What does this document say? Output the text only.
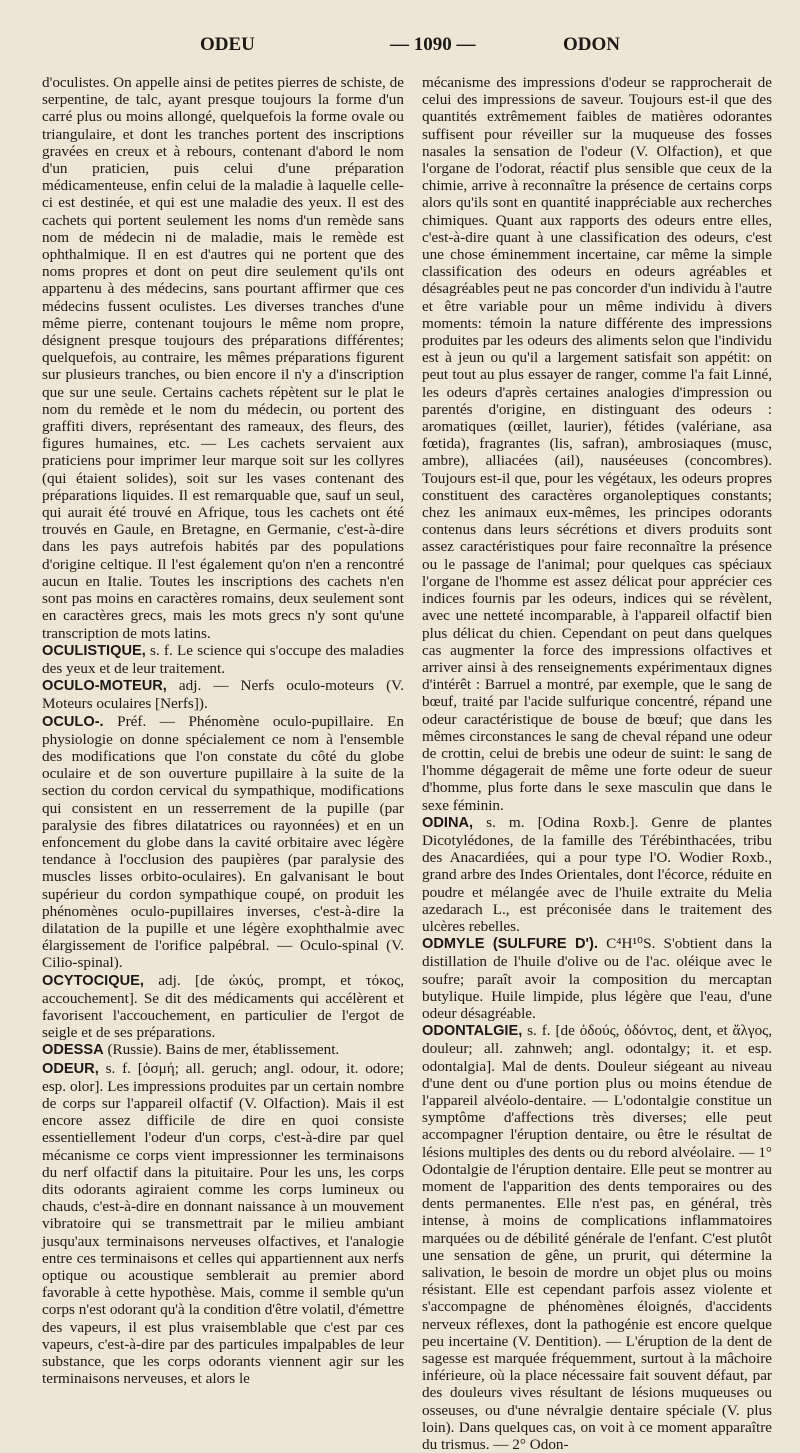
ODEU	— 1090 —	ODON

d'oculistes. On appelle ainsi de petites pierres de schiste, de serpentine, de talc, ayant presque toujours la forme d'un carré plus ou moins allongé, quelquefois la forme ovale ou triangulaire, et dont les tranches portent des inscriptions gravées en creux et à rebours, contenant d'abord le nom d'un praticien, puis celui d'une préparation médicamenteuse, enfin celui de la maladie à laquelle celle-ci est destinée, et qui est une maladie des yeux. Il est des cachets qui portent seulement les noms d'un remède sans nom de médecin ni de maladie, mais le remède est ophthalmique. Il en est d'autres qui ne portent que des noms propres et dont on peut dire seulement qu'ils ont appartenu à des médecins, sans pourtant affirmer que ces médecins fussent oculistes. Les diverses tranches d'une même pierre, contenant toujours le même nom propre, désignent presque toujours des préparations différentes; quelquefois, au contraire, les mêmes préparations figurent sur plusieurs tranches, ou bien encore il n'y a d'inscription que sur une seule. Certains cachets répètent sur le plat le nom du remède et le nom du médecin, ou portent des graffiti divers, représentant des rameaux, des fleurs, des figures humaines, etc. — Les cachets servaient aux praticiens pour imprimer leur marque soit sur les collyres (qui étaient solides), soit sur les vases contenant des préparations liquides. Il est remarquable que, sauf un seul, qui aurait été trouvé en Afrique, tous les cachets ont été trouvés en Gaule, en Bretagne, en Germanie, c'est-à-dire dans les pays autrefois habités par des populations d'origine celtique. Il l'est également qu'on n'en a rencontré aucun en Italie. Toutes les inscriptions des cachets n'en sont pas moins en caractères romains, deux seulement sont en caractères grecs, mais les mots grecs n'y sont qu'une transcription de mots latins.

OCULISTIQUE, s. f. Le science qui s'occupe des maladies des yeux et de leur traitement.

OCULO-MOTEUR, adj. — Nerfs oculo-moteurs (V. Moteurs oculaires [Nerfs]).

OCULO-. Préf. — Phénomène oculo-pupillaire. En physiologie on donne spécialement ce nom à l'ensemble des modifications que l'on constate du côté du globe oculaire et de son ouverture pupillaire à la suite de la section du cordon cervical du sympathique, modifications qui consistent en un resserrement de la pupille (par paralysie des fibres dilatatrices ou rayonnées) et en un enfoncement du globe dans la cavité orbitaire avec légère tendance à l'occlusion des paupières (par paralysie des muscles lisses orbito-oculaires). En galvanisant le bout supérieur du cordon sympathique coupé, on produit les phénomènes oculo-pupillaires inverses, c'est-à-dire la dilatation de la pupille et une légère exophthalmie avec élargissement de l'orifice palpébral. — Oculo-spinal (V. Cilio-spinal).

OCYTOCIQUE, adj. [de ὠκύς, prompt, et τόκος, accouchement]. Se dit des médicaments qui accélèrent et favorisent l'accouchement, en particulier de l'ergot de seigle et de ses préparations.

ODESSA (Russie). Bains de mer, établissement.

ODEUR, s. f. [ὀσμή; all. geruch; angl. odour, it. odore; esp. olor]. Les impressions produites par un certain nombre de corps sur l'appareil olfactif (V. Olfaction). Mais il est encore assez difficile de dire en quoi consiste essentiellement l'odeur d'un corps, c'est-à-dire par quel mécanisme ce corps vient impressionner les terminaisons du nerf olfactif dans la pituitaire. Pour les uns, les corps dits odorants agiraient comme les corps lumineux ou chauds, c'est-à-dire en donnant naissance à un mouvement vibratoire qui se transmettrait par le milieu ambiant jusqu'aux terminaisons nerveuses olfactives, et l'analogie entre ces terminaisons et celles qui appartiennent aux nerfs optique ou acoustique semblerait au premier abord favorable à cette hypothèse. Mais, comme il semble qu'un corps n'est odorant qu'à la condition d'être volatil, d'émettre des vapeurs, il est plus vraisemblable que c'est par ces vapeurs, c'est-à-dire par des particules impalpables de leur substance, que les corps odorants viennent agir sur les terminaisons nerveuses, et alors le

mécanisme des impressions d'odeur se rapprocherait de celui des impressions de saveur. Toujours est-il que des quantités extrêmement faibles de matières odorantes suffisent pour réveiller sur la muqueuse des fosses nasales la sensation de l'odeur (V. Olfaction), et que l'organe de l'odorat, réactif plus sensible que ceux de la chimie, arrive à reconnaître la présence de certains corps alors qu'ils sont en quantité inappréciable aux recherches chimiques. Quant aux rapports des odeurs entre elles, c'est-à-dire quant à une classification des odeurs, c'est une chose éminemment incertaine, car même la simple classification des odeurs en odeurs agréables et désagréables peut ne pas concorder d'un individu à l'autre et être variable pour un même individu à divers moments: témoin la nature différente des impressions produites par les odeurs des aliments selon que l'individu est à jeun ou qu'il a largement satisfait son appétit: on peut tout au plus essayer de ranger, comme l'a fait Linné, les odeurs d'après certaines analogies d'impression ou parentés d'origine, en distinguant des odeurs : aromatiques (œillet, laurier), fétides (valériane, asa fœtida), fragrantes (lis, safran), ambrosiaques (musc, ambre), alliacées (ail), nauséeuses (concombres). Toujours est-il que, pour les végétaux, les odeurs propres constituent des caractères organoleptiques constants; chez les animaux eux-mêmes, les principes odorants contenus dans leurs sécrétions et divers produits sont assez caractéristiques pour faire reconnaître la présence ou le passage de l'animal; pour quelques cas spéciaux l'organe de l'homme est assez délicat pour apprécier ces indices fournis par les odeurs, indices qui se révèlent, avec une netteté incomparable, à l'appareil olfactif bien plus délicat du chien. Cependant on peut dans quelques cas augmenter la force des impressions olfactives et arriver ainsi à des renseignements expérimentaux dignes d'intérêt : Barruel a montré, par exemple, que le sang de bœuf, traité par l'acide sulfurique concentré, répand une odeur caractéristique de bouse de bœuf; que dans les mêmes circonstances le sang de cheval répand une odeur de crottin, celui de brebis une odeur de suint: le sang de l'homme dégagerait de même une forte odeur de sueur d'homme, plus forte dans le sexe masculin que dans le sexe féminin.

ODINA, s. m. [Odina Roxb.]. Genre de plantes Dicotylédones, de la famille des Térébinthacées, tribu des Anacardiées, qui a pour type l'O. Wodier Roxb., grand arbre des Indes Orientales, dont l'écorce, réduite en poudre et mélangée avec de l'huile extraite du Melia azedarach L., est préconisée dans le traitement des ulcères rebelles.

ODMYLE (SULFURE D'). C⁴H¹⁰S. S'obtient dans la distillation de l'huile d'olive ou de l'ac. oléique avec le soufre; paraît avoir la composition du mercaptan butylique. Huile limpide, plus légère que l'eau, d'une odeur désagréable.

ODONTALGIE, s. f. [de ὀδούς, ὀδόντος, dent, et ἄλγος, douleur; all. zahnweh; angl. odontalgy; it. et esp. odontalgia]. Mal de dents. Douleur siégeant au niveau d'une dent ou d'une portion plus ou moins étendue de l'appareil alvéolo-dentaire. — L'odontalgie constitue un symptôme d'affections très diverses; elle peut accompagner l'éruption dentaire, ou être le résultat de lésions multiples des dents ou du rebord alvéolaire. — 1° Odontalgie de l'éruption dentaire. Elle peut se montrer au moment de l'apparition des dents temporaires ou des dents permanentes. Elle n'est pas, en général, très intense, à moins de complications inflammatoires marquées ou de débilité générale de l'enfant. C'est plutôt une sensation de gêne, un prurit, qui détermine la salivation, le besoin de mordre un objet plus ou moins résistant. Elle est cependant parfois assez violente et s'accompagne de phénomènes éloignés, d'accidents nerveux réflexes, dont la pathogénie est encore quelque peu incertaine (V. Dentition). — L'éruption de la dent de sagesse est marquée fréquemment, surtout à la mâchoire inférieure, où la place nécessaire fait souvent défaut, par des douleurs vives résultant de lésions muqueuses ou osseuses, ou d'une névralgie dentaire spéciale (V. plus loin). Dans quelques cas, on voit à ce moment apparaître du trismus. — 2° Odon-
